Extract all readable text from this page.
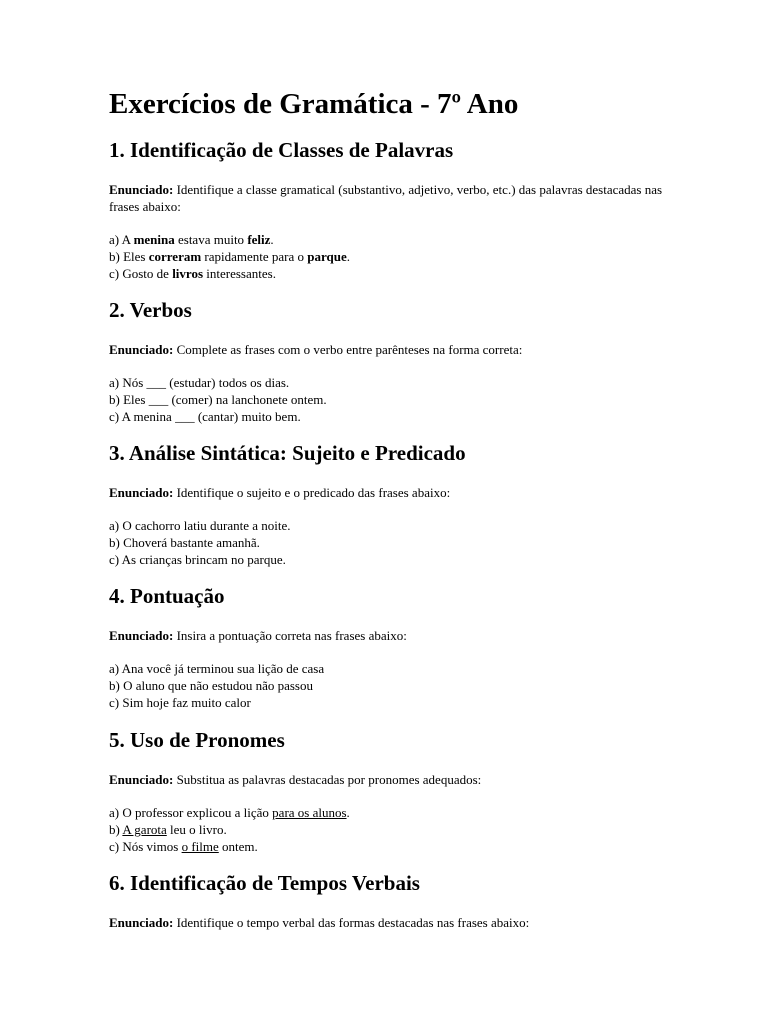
Exercícios de Gramática - 7º Ano
1. Identificação de Classes de Palavras

Enunciado: Identifique a classe gramatical (substantivo, adjetivo, verbo, etc.) das palavras destacadas nas frases abaixo:

a) A menina estava muito feliz.
b) Eles correram rapidamente para o parque.
c) Gosto de livros interessantes.
2. Verbos

Enunciado: Complete as frases com o verbo entre parênteses na forma correta:

a) Nós ___ (estudar) todos os dias.
b) Eles ___ (comer) na lanchonete ontem.
c) A menina ___ (cantar) muito bem.
3. Análise Sintática: Sujeito e Predicado

Enunciado: Identifique o sujeito e o predicado das frases abaixo:

a) O cachorro latiu durante a noite.
b) Choverá bastante amanhã.
c) As crianças brincam no parque.
4. Pontuação

Enunciado: Insira a pontuação correta nas frases abaixo:

a) Ana você já terminou sua lição de casa
b) O aluno que não estudou não passou
c) Sim hoje faz muito calor
5. Uso de Pronomes

Enunciado: Substitua as palavras destacadas por pronomes adequados:

a) O professor explicou a lição para os alunos.
b) A garota leu o livro.
c) Nós vimos o filme ontem.
6. Identificação de Tempos Verbais

Enunciado: Identifique o tempo verbal das formas destacadas nas frases abaixo:
